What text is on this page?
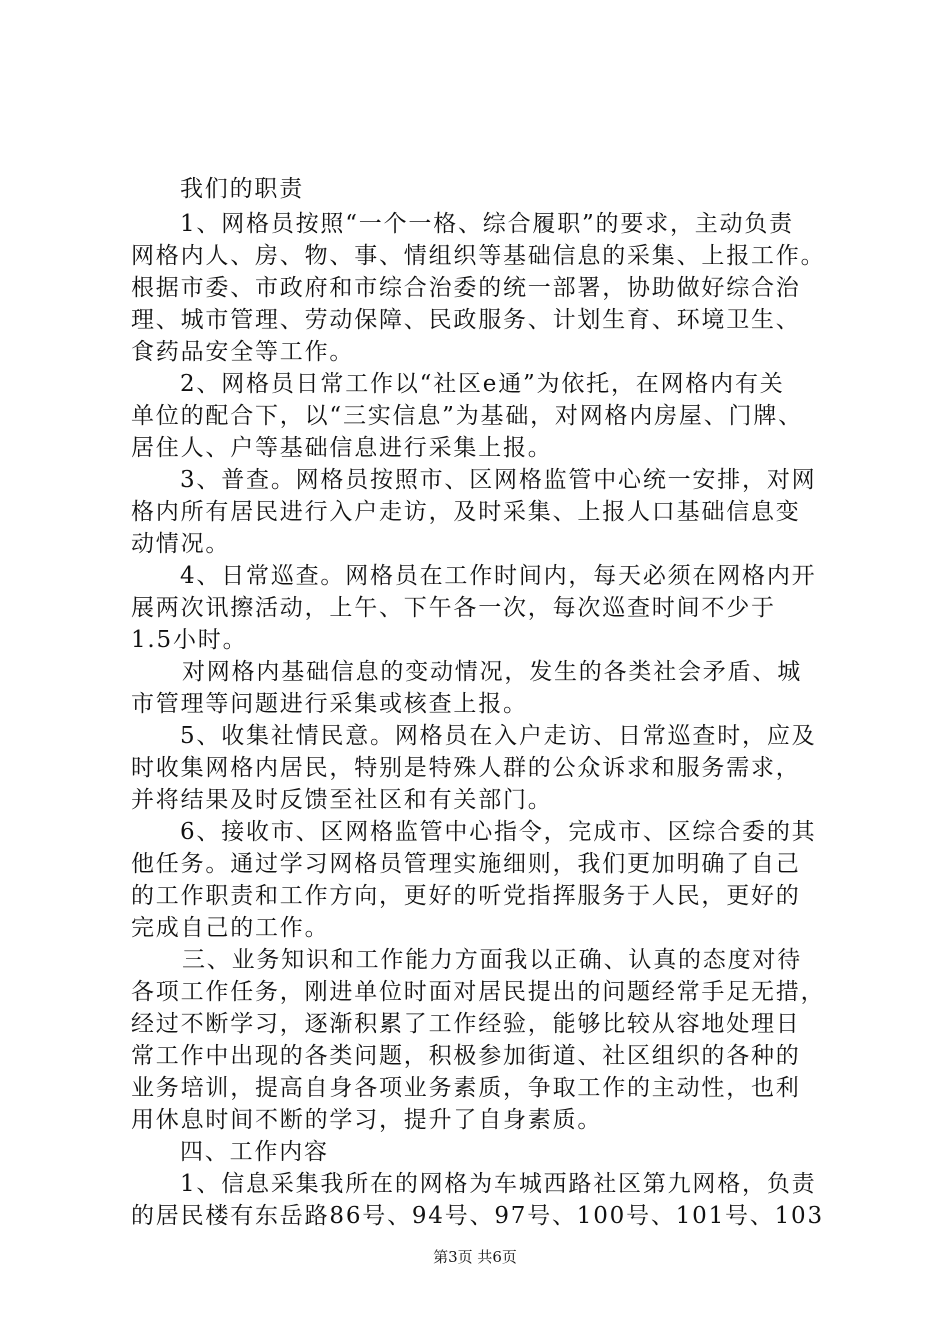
我们的职责
1、网格员按照“一个一格、综合履职”的要求，主动负责
网格内人、房、物、事、情组织等基础信息的采集、上报工作。
根据市委、市政府和市综合治委的统一部署，协助做好综合治
理、城市管理、劳动保障、民政服务、计划生育、环境卫生、
食药品安全等工作。
2、网格员日常工作以“社区e通”为依托，在网格内有关
单位的配合下，以“三实信息”为基础，对网格内房屋、门牌、
居住人、户等基础信息进行采集上报。
3、普查。网格员按照市、区网格监管中心统一安排，对网
格内所有居民进行入户走访，及时采集、上报人口基础信息变
动情况。
4、日常巡查。网格员在工作时间内，每天必须在网格内开
展两次讯擦活动，上午、下午各一次，每次巡查时间不少于
1.5小时。
对网格内基础信息的变动情况，发生的各类社会矛盾、城
市管理等问题进行采集或核查上报。
5、收集社情民意。网格员在入户走访、日常巡查时，应及
时收集网格内居民，特别是特殊人群的公众诉求和服务需求，
并将结果及时反馈至社区和有关部门。
6、接收市、区网格监管中心指令，完成市、区综合委的其
他任务。通过学习网格员管理实施细则，我们更加明确了自己
的工作职责和工作方向，更好的听党指挥服务于人民，更好的
完成自己的工作。
三、业务知识和工作能力方面我以正确、认真的态度对待
各项工作任务，刚进单位时面对居民提出的问题经常手足无措，
经过不断学习，逐渐积累了工作经验，能够比较从容地处理日
常工作中出现的各类问题，积极参加街道、社区组织的各种的
业务培训，提高自身各项业务素质，争取工作的主动性，也利
用休息时间不断的学习，提升了自身素质。
四、工作内容
1、信息采集我所在的网格为车城西路社区第九网格，负责
的居民楼有东岳路86号、94号、97号、100号、101号、103
第3页 共6页
